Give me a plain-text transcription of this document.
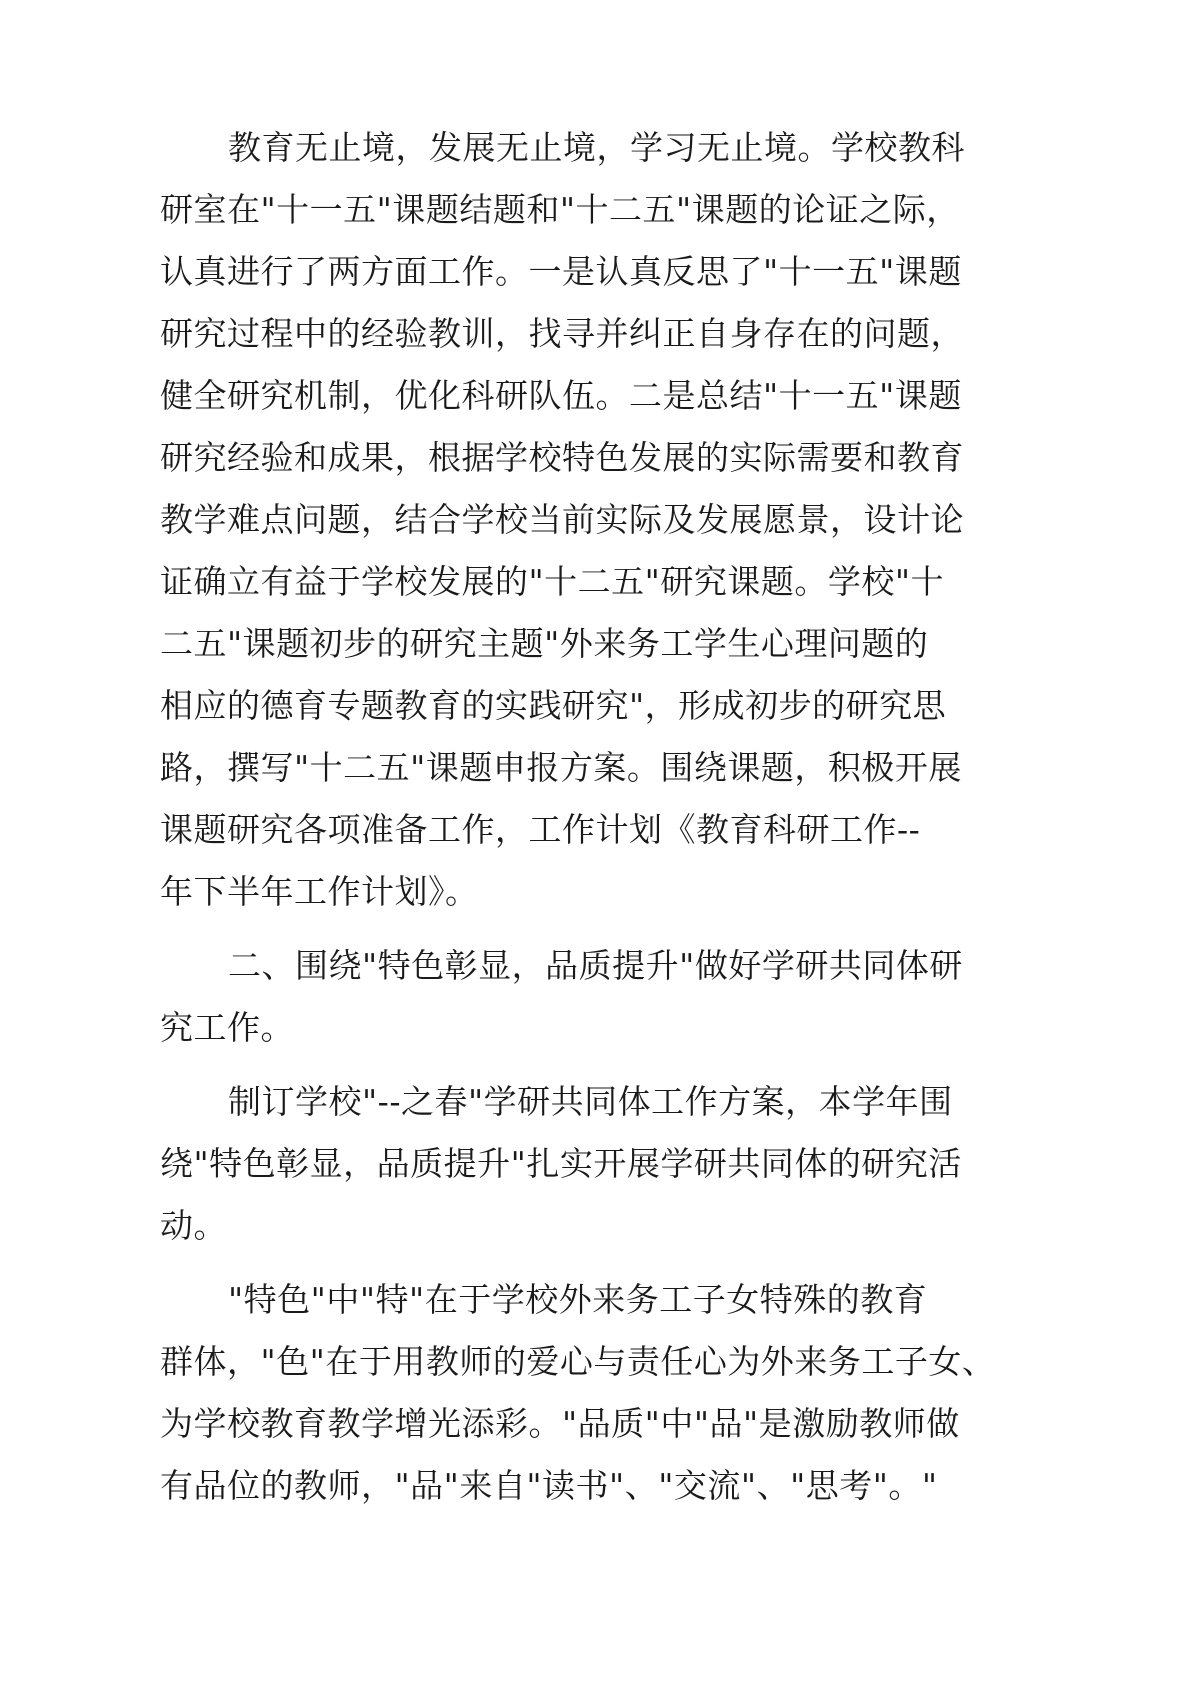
教育无止境，发展无止境，学习无止境。学校教科
研室在"十一五"课题结题和"十二五"课题的论证之际，
认真进行了两方面工作。一是认真反思了"十一五"课题
研究过程中的经验教训，找寻并纠正自身存在的问题，
健全研究机制，优化科研队伍。二是总结"十一五"课题
研究经验和成果，根据学校特色发展的实际需要和教育
教学难点问题，结合学校当前实际及发展愿景，设计论
证确立有益于学校发展的"十二五"研究课题。学校"十
二五"课题初步的研究主题"外来务工学生心理问题的
相应的德育专题教育的实践研究"，形成初步的研究思
路，撰写"十二五"课题申报方案。围绕课题，积极开展
课题研究各项准备工作，工作计划《教育科研工作--
年下半年工作计划》。
二、围绕"特色彰显，品质提升"做好学研共同体研
究工作。
制订学校"--之春"学研共同体工作方案，本学年围
绕"特色彰显，品质提升"扎实开展学研共同体的研究活
动。
"特色"中"特"在于学校外来务工子女特殊的教育
群体，"色"在于用教师的爱心与责任心为外来务工子女、
为学校教育教学增光添彩。"品质"中"品"是激励教师做
有品位的教师，"品"来自"读书"、"交流"、"思考"。"
